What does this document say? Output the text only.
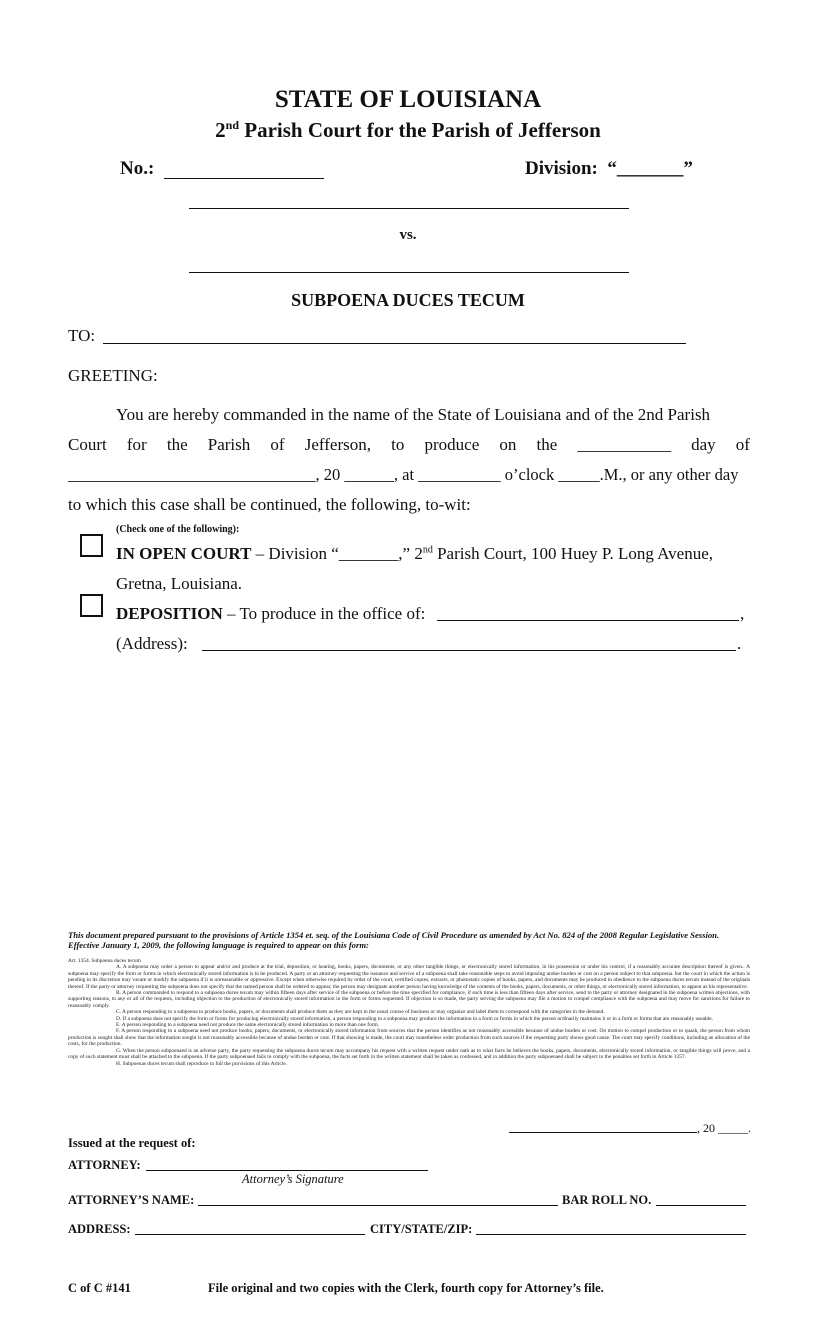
STATE OF LOUISIANA
2nd Parish Court for the Parish of Jefferson
No.:	Division: “_______”
vs.
SUBPOENA DUCES TECUM
TO:
GREETING:
You are hereby commanded in the name of the State of Louisiana and of the 2nd Parish
Court for the Parish of Jefferson, to produce on the ___________ day of
______________________________, 20 ______, at __________ o’clock _____.M., or any other day
to which this case shall be continued, the following, to-wit:
(Check one of the following):
IN OPEN COURT – Division “_______,” 2nd Parish Court, 100 Huey P. Long Avenue,
Gretna, Louisiana.
DEPOSITION – To produce in the office of:	,
(Address):	.
This document prepared pursuant to the provisions of Article 1354 et. seq. of the Louisiana Code of Civil Procedure as amended by Act No. 824 of the 2008 Regular Legislative Session. Effective January 1, 2009, the following language is required to appear on this form:
Art. 1354. Subpoena duces tecum
A. A subpoena may order a person to appear and/or and produce at the trial, deposition, or hearing, books, papers, documents, or any other tangible things, or electronically stored information, in his possession or under his control, if a reasonably accurate description thereof is given.. A subpoena may specify the form or forms in which electronically stored information is to be produced. A party or an attorney requesting the issuance and service of a subpoena shall take reasonable steps to avoid imposing undue burden or cost on a person subject to that subpoena. but the court in which the action is pending in its discretion may vacate or modify the subpoena if it is unreasonable or oppressive. Except when otherwise required by order of the court, certified copies, extracts, or photostatic copies of books, papers, and documents may be produced in obedience to the subpoena duces tecum instead of the originals thereof. If the party or attorney requesting the subpoena does not specify that the named person shall be ordered to appear, the person may designate another person having knowledge of the contents of the books, papers, documents, or other things, or electronically stored information, to appear as his representative.
B. A person commanded to respond to a subpoena duces tecum may within fifteen days after service of the subpoena or before the time specified for compliance, if such time is less than fifteen days after service, send to the party or attorney designated in the subpoena written objections, with supporting reasons, to any or all of the requests, including objection to the production of electronically stored information in the form or forms requested. If objection is so made, the party serving the subpoena may file a motion to compel compliance with the subpoena and may move for sanctions for failure to reasonably comply.
C. A person responding to a subpoena to produce books, papers, or documents shall produce them as they are kept in the usual course of business or may organize and label them to correspond with the categories in the demand.
D. If a subpoena does not specify the form or forms for producing electronically stored information, a person responding to a subpoena may produce the information in a form or forms in which the person ordinarily maintains it or in a form or forms that are reasonably useable.
E. A person responding to a subpoena need not produce the same electronically stored information in more than one form.
F. A person responding to a subpoena need not produce books, papers, documents, or electronically stored information from sources that the person identifies as not reasonably accessible because of undue burden or cost. On motion to compel production or to quash, the person from whom production is sought shall show that the information sought is not reasonably accessible because of undue burden or cost. If that showing is made, the court may nonetheless order production from such sources if the requesting party shows good cause. The court may specify conditions, including an allocation of the costs, for the production.
G. When the person subpoenaed is an adverse party, the party requesting the subpoena duces tecum may accompany his request with a written request under oath as to what facts he believes the books, papers, documents, electronically stored information, or tangible things will prove, and a copy of such statement must shall be attached to the subpoena. If the party subpoenaed fails to comply with the subpoena, the facts set forth in the written statement shall be taken as confessed, and in addition the party subpoenaed shall be subject to the penalties set forth in Article 1357.
H. Subpoenas duces tecum shall reproduce in full the provisions of this Article.
, 20 _____.
Issued at the request of:
ATTORNEY:
Attorney’s Signature
ATTORNEY’S NAME:	BAR ROLL NO.
ADDRESS:	CITY/STATE/ZIP:
C of C #141	File original and two copies with the Clerk, fourth copy for Attorney’s file.
